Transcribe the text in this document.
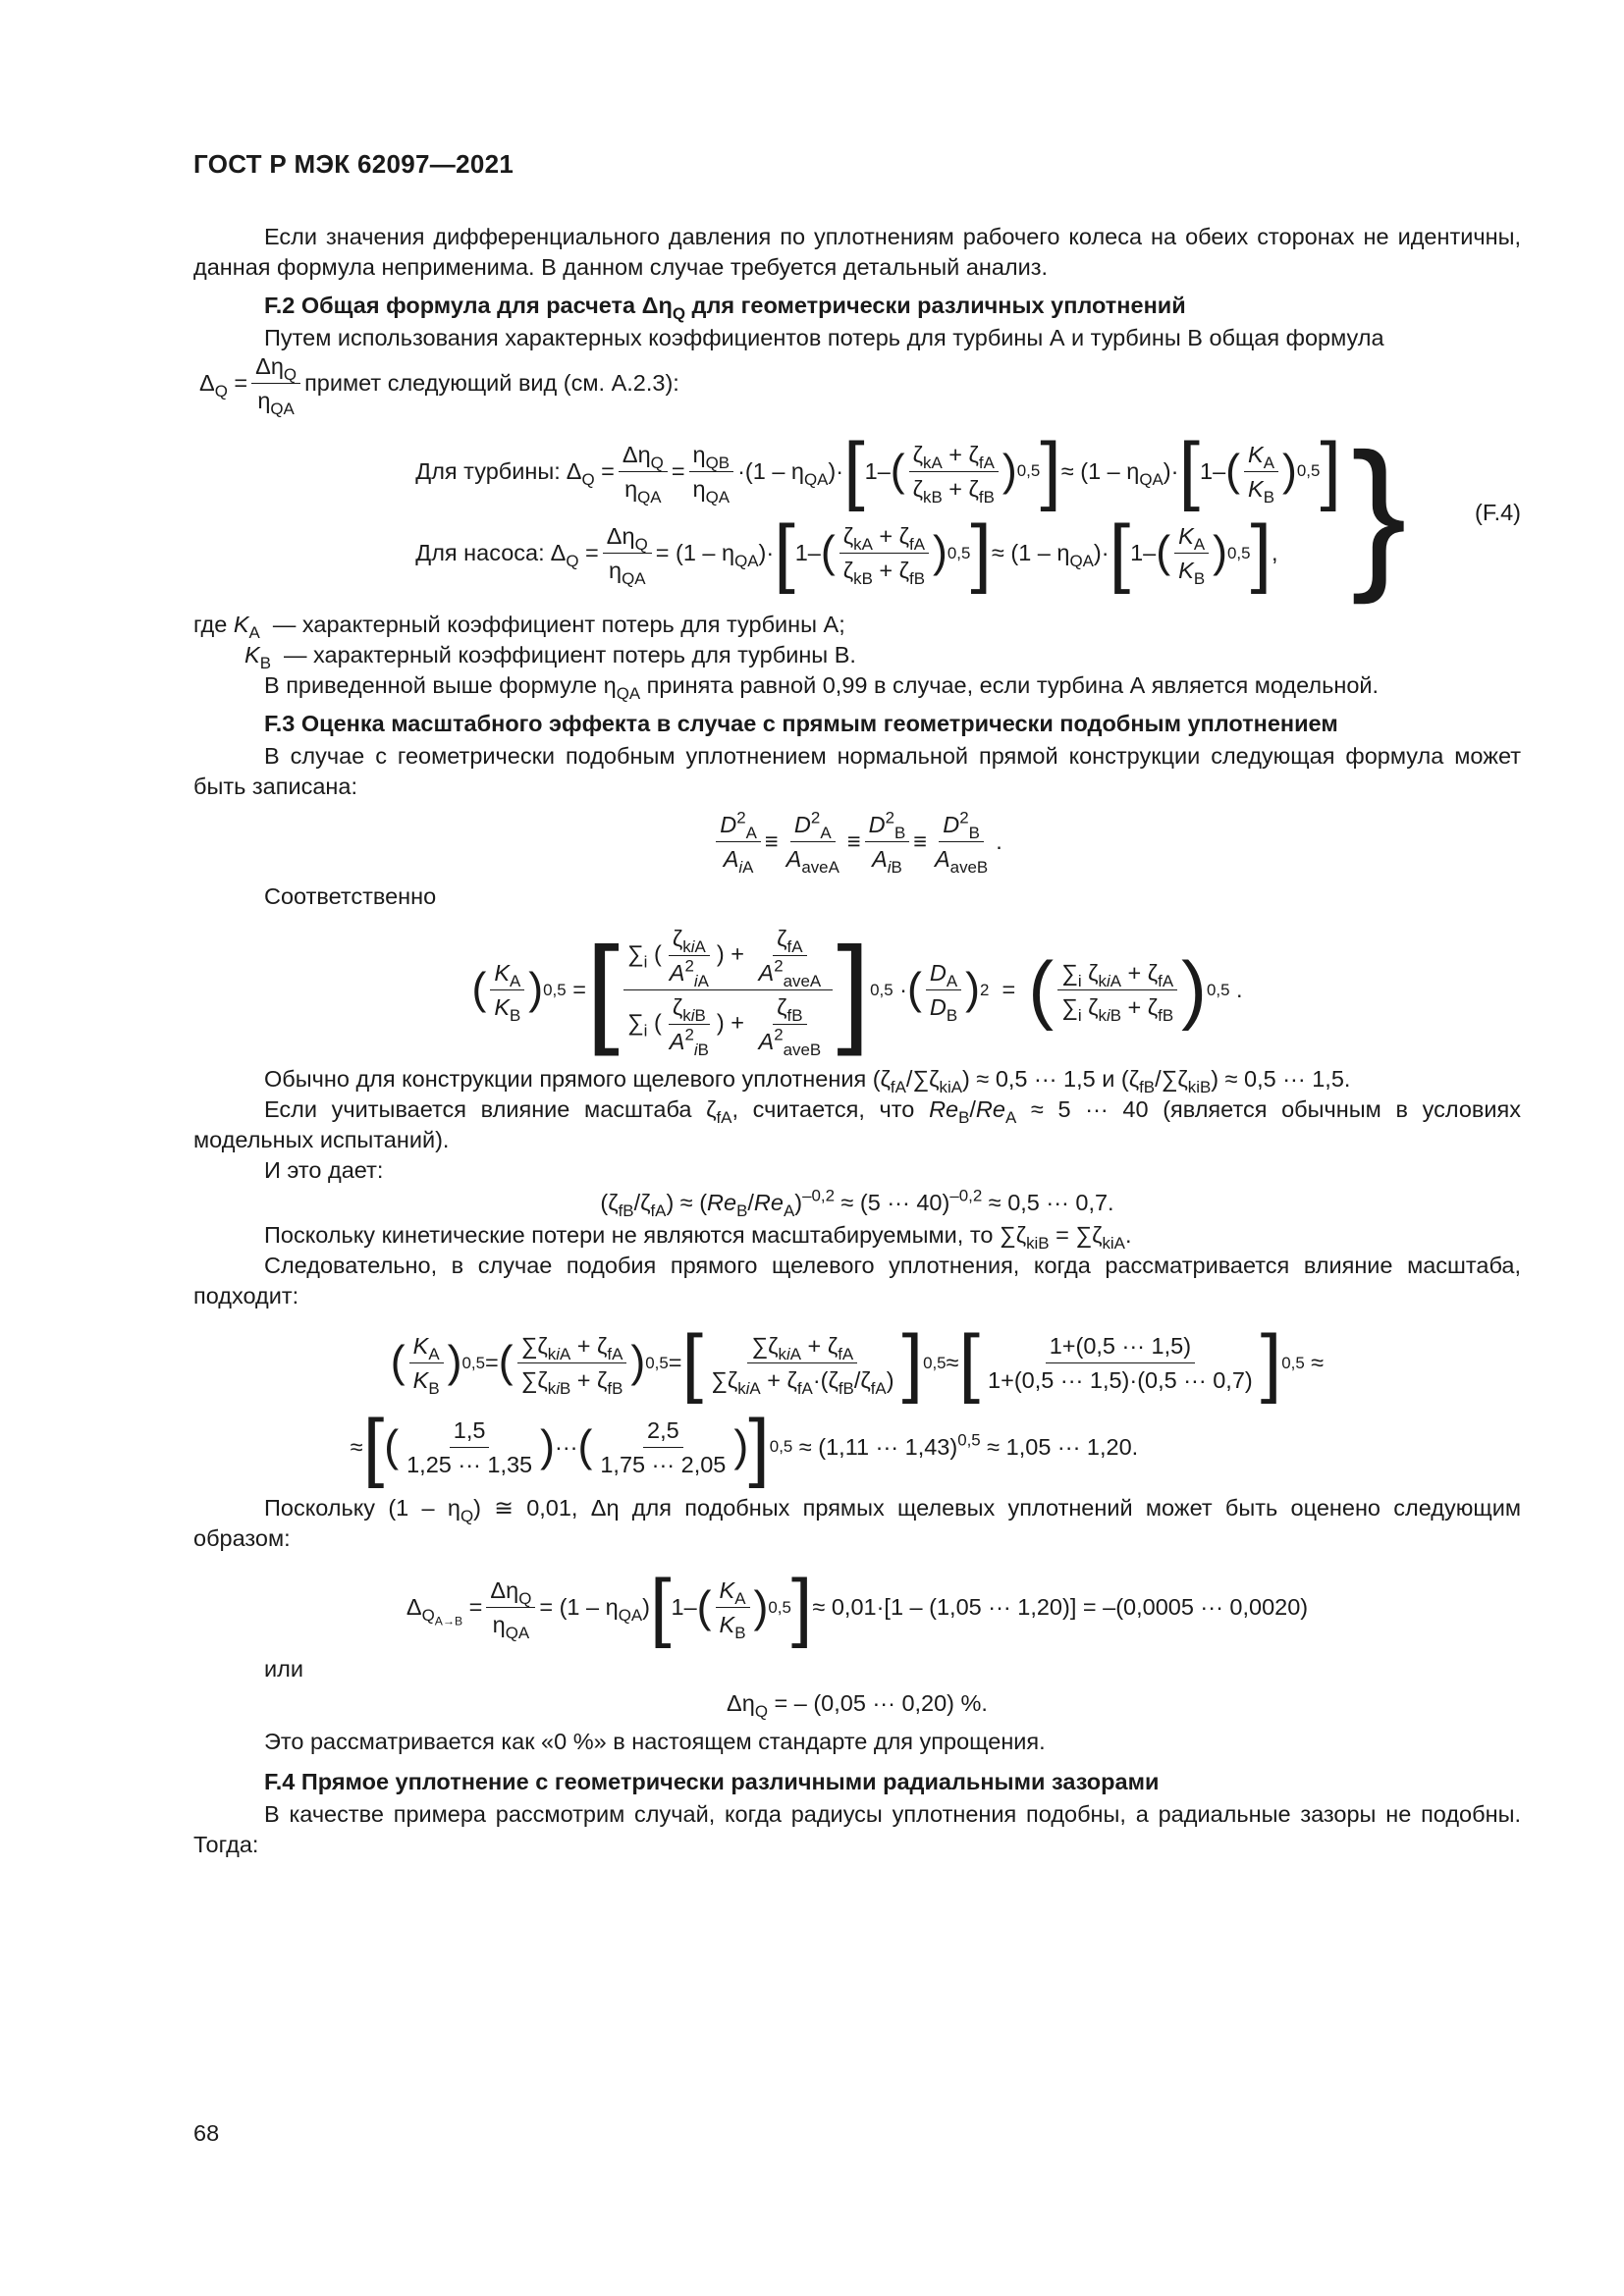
ГОСТ Р МЭК 62097—2021

Если значения дифференциального давления по уплотнениям рабочего колеса на обеих сторонах не идентичны, данная формула неприменима. В данном случае требуется детальный анализ.

F.2 Общая формула для расчета $\Delta\eta_Q$ для геометрически различных уплотнений

Путем использования характерных коэффициентов потерь для турбины А и турбины В общая формула

$\Delta_Q = \frac{\Delta\eta_Q}{\eta_{QA}}$ примет следующий вид (см. А.2.3):
Для турбины: $\Delta_Q = \frac{\Delta\eta_Q}{\eta_{QA}} = \frac{\eta_{QB}}{\eta_{QA}} \cdot(1 - \eta_{QA})\cdot$ [ 1– ( $\frac{\zeta_{kA} + \zeta_{fA}}{\zeta_{kB} + \zeta_{fB}}$ ) 0,5 ] ≈ $(1 - \eta_{QA})\cdot$ [ 1– ( $\frac{K_A}{K_B}$ ) 0,5 ]
Для насоса: $\Delta_Q = \frac{\Delta\eta_Q}{\eta_{QA}} = (1 - \eta_{QA})\cdot$ [ 1– ( $\frac{\zeta_{kA} + \zeta_{fA}}{\zeta_{kB} + \zeta_{fB}}$ ) 0,5 ] ≈ $(1 - \eta_{QA})\cdot$ [ 1– ( $\frac{K_A}{K_B}$ ) 0,5 ] , }	(F.4)
где $K_A$ — характерный коэффициент потерь для турбины А;
$K_B$ — характерный коэффициент потерь для турбины В.

В приведенной выше формуле $\eta_{QA}$ принята равной 0,99 в случае, если турбина А является модельной.

F.3 Оценка масштабного эффекта в случае с прямым геометрически подобным уплотнением

В случае с геометрически подобным уплотнением нормальной прямой конструкции следующая формула может быть записана:

$\frac{D^2_A}{A_{iA}} \equiv \frac{D^2_A}{A_{aveA}} \equiv \frac{D^2_B}{A_{iB}} \equiv \frac{D^2_B}{A_{aveB}}$ .

Соответственно

( $\frac{K_A}{K_B}$ ) 0,5 = [ $\frac{\sum_i ( \frac{\zeta_{kiA}}{A^2_{iA}} ) + \frac{\zeta_{fA}}{A^2_{aveA}}}{\sum_i ( \frac{\zeta_{kiB}}{A^2_{iB}} ) + \frac{\zeta_{fB}}{A^2_{aveB}}}$ ] 0,5 · ( $\frac{D_A}{D_B}$ ) 2 = ( $\frac{\sum_i \zeta_{kiA} + \zeta_{fA}}{\sum_i \zeta_{kiB} + \zeta_{fB}}$ ) 0,5 .

Обычно для конструкции прямого щелевого уплотнения $(\zeta_{fA}/\sum\zeta_{kiA}) \approx 0,5$ ··· 1,5 и $(\zeta_{fB}/\sum\zeta_{kiB}) \approx 0,5$ ··· 1,5.

Если учитывается влияние масштаба $\zeta_{fA}$, считается, что $Re_B/Re_A \approx 5$ ··· 40 (является обычным в условиях модельных испытаний).

И это дает:

$(\zeta_{fB}/\zeta_{fA}) \approx (Re_B/Re_A)^{-0,2} \approx (5$ ··· 40)$^{-0,2}$ ≈ 0,5 ··· 0,7.

Поскольку кинетические потери не являются масштабируемыми, то $\sum\zeta_{kiB} = \sum\zeta_{kiA}$.

Следовательно, в случае подобия прямого щелевого уплотнения, когда рассматривается влияние масштаба, подходит:

( $\frac{K_A}{K_B}$ ) 0,5 = ( $\frac{\sum\zeta_{kiA} + \zeta_{fA}}{\sum\zeta_{kiB} + \zeta_{fB}}$ ) 0,5 = [ $\frac{\sum\zeta_{kiA} + \zeta_{fA}}{\sum\zeta_{kiA} + \zeta_{fA}\cdot(\zeta_{fB}/\zeta_{fA})}$ ] 0,5 ≈ [ $\frac{1+(0,5 \cdot\cdot\cdot 1,5)}{1+(0,5 \cdot\cdot\cdot 1,5)\cdot(0,5 \cdot\cdot\cdot 0,7)}$ ] 0,5 ≈
≈ [ ( $\frac{1,5}{1,25 \cdot\cdot\cdot 1,35}$ ) ··· ( $\frac{2,5}{1,75 \cdot\cdot\cdot 2,05}$ ) ] 0,5 ≈ (1,11 ··· 1,43)$^{0,5}$ ≈ 1,05 ··· 1,20.

Поскольку $(1 - \eta_Q)$ ≅ 0,01, Δη для подобных прямых щелевых уплотнений может быть оценено следующим образом:

$\Delta_{Q_{A\to B}} = \frac{\Delta\eta_Q}{\eta_{QA}} = (1 - \eta_{QA})$ [ 1– ( $\frac{K_A}{K_B}$ ) 0,5 ] ≈ 0,01·[1 – (1,05 ··· 1,20)] = –(0,0005 ··· 0,0020)

или

$\Delta\eta_Q$ = – (0,05 ··· 0,20) %.

Это рассматривается как «0 %» в настоящем стандарте для упрощения.

F.4 Прямое уплотнение с геометрически различными радиальными зазорами

В качестве примера рассмотрим случай, когда радиусы уплотнения подобны, а радиальные зазоры не подобны. Тогда:

68
